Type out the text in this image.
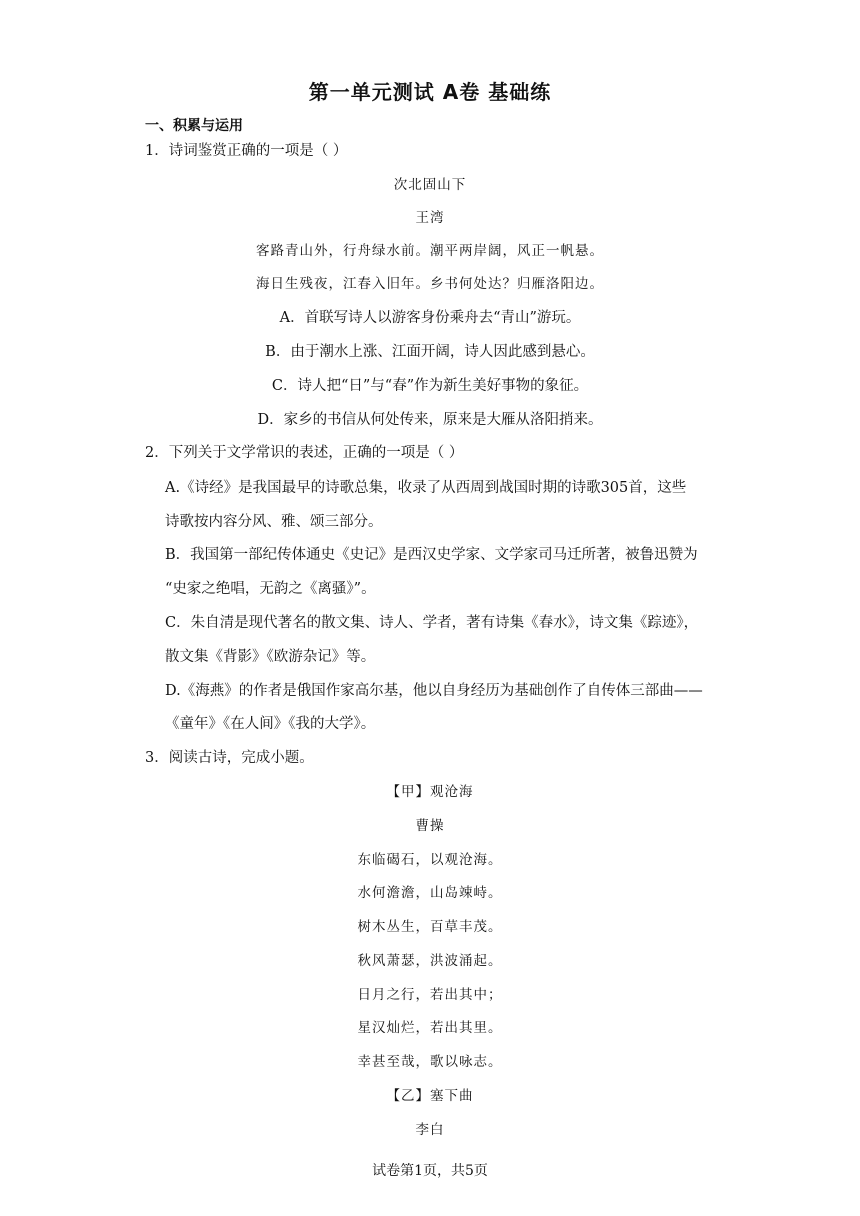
第一单元测试 A卷 基础练
一、积累与运用
1．诗词鉴赏正确的一项是（ ）
次北固山下
王湾
客路青山外，行舟绿水前。潮平两岸阔，风正一帆悬。
海日生残夜，江春入旧年。乡书何处达？归雁洛阳边。
A．首联写诗人以游客身份乘舟去“青山”游玩。
B．由于潮水上涨、江面开阔，诗人因此感到悬心。
C．诗人把“日”与“春”作为新生美好事物的象征。
D．家乡的书信从何处传来，原来是大雁从洛阳捎来。
2．下列关于文学常识的表述，正确的一项是（ ）
A.《诗经》是我国最早的诗歌总集，收录了从西周到战国时期的诗歌305首，这些
诗歌按内容分风、雅、颂三部分。
B．我国第一部纪传体通史《史记》是西汉史学家、文学家司马迁所著，被鲁迅赞为
“史家之绝唱，无韵之《离骚》”。
C．朱自清是现代著名的散文集、诗人、学者，著有诗集《春水》，诗文集《踪迹》，
散文集《背影》《欧游杂记》等。
D.《海燕》的作者是俄国作家高尔基，他以自身经历为基础创作了自传体三部曲——
《童年》《在人间》《我的大学》。
3．阅读古诗，完成小题。
【甲】观沧海
曹操
东临碣石，以观沧海。
水何澹澹，山岛竦峙。
树木丛生，百草丰茂。
秋风萧瑟，洪波涌起。
日月之行，若出其中；
星汉灿烂，若出其里。
幸甚至哉，歌以咏志。
【乙】塞下曲
李白
试卷第1页，共5页
